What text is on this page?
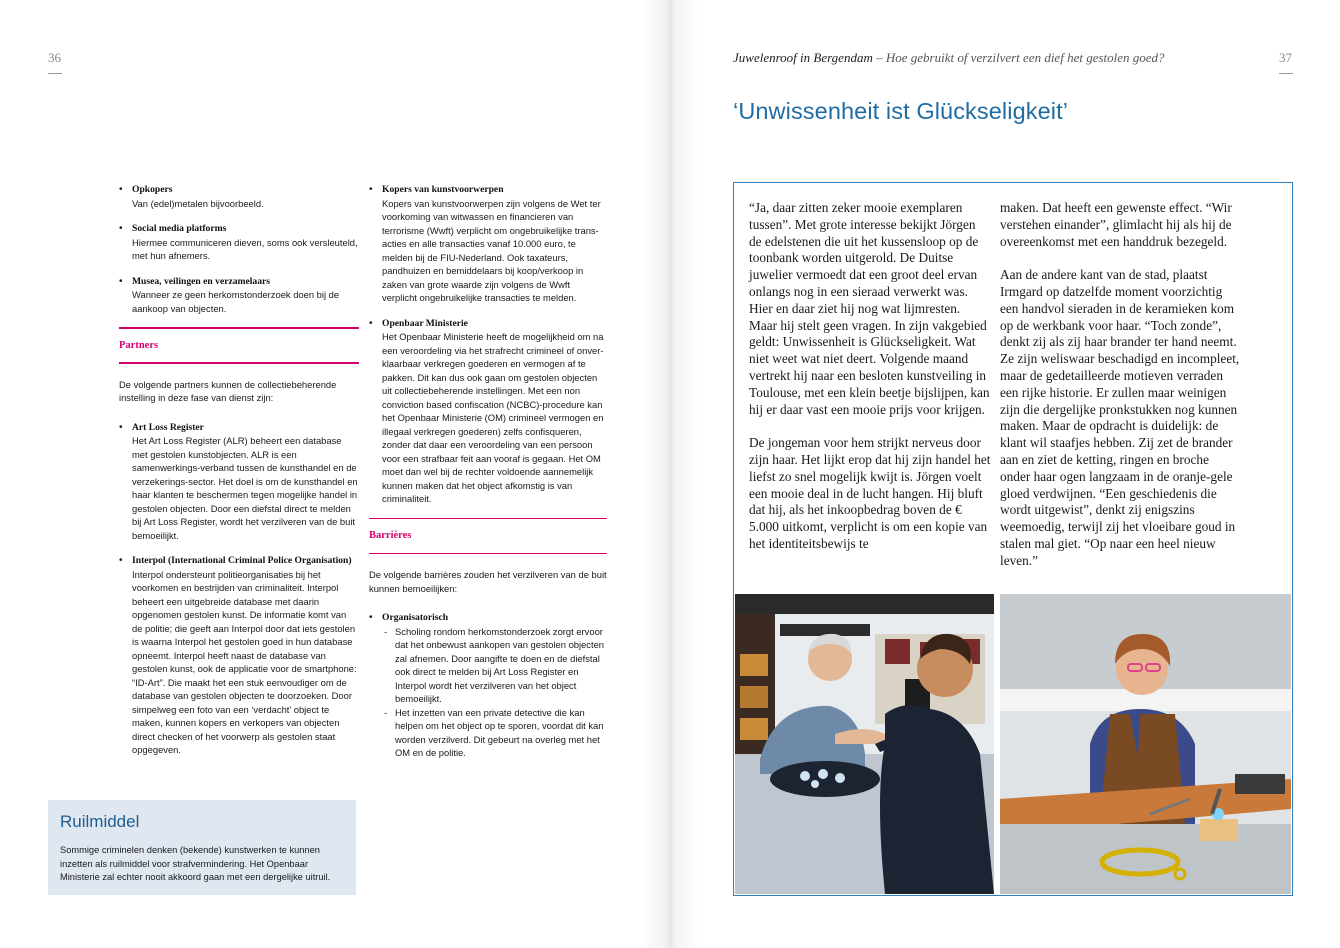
36
• Opkopers
Van (edel)metalen bijvoorbeeld.
• Social media platforms
Hiermee communiceren dieven, soms ook versleuteld, met hun afnemers.
• Musea, veilingen en verzamelaars
Wanneer ze geen herkomstonderzoek doen bij de aankoop van objecten.
Partners
De volgende partners kunnen de collectiebeherende instelling in deze fase van dienst zijn:
• Art Loss Register
Het Art Loss Register (ALR) beheert een database met gestolen kunstobjecten. ALR is een samenwerkings-verband tussen de kunsthandel en de verzekerings-sector. Het doel is om de kunsthandel en haar klanten te beschermen tegen mogelijke handel in gestolen objecten. Door een diefstal direct te melden bij Art Loss Register, wordt het verzilveren van de buit bemoeilijkt.
• Interpol (International Criminal Police Organisation)
Interpol ondersteunt politieorganisaties bij het voorkomen en bestrijden van criminaliteit. Interpol beheert een uitgebreide database met daarin opgenomen gestolen kunst. De informatie komt van de politie; die geeft aan Interpol door dat iets gestolen is waarna Interpol het gestolen goed in hun database opneemt. Interpol heeft naast de database van gestolen kunst, ook de applicatie voor de smartphone: “ID-Art”. Die maakt het een stuk eenvoudiger om de database van gestolen objecten te doorzoeken. Door simpelweg een foto van een ‘verdacht’ object te maken, kunnen kopers en verkopers van objecten direct checken of het voorwerp als gestolen staat opgegeven.
• Kopers van kunstvoorwerpen
Kopers van kunstvoorwerpen zijn volgens de Wet ter voorkoming van witwassen en financieren van terrorisme (Wwft) verplicht om ongebruikelijke trans-acties en alle transacties vanaf 10.000 euro, te melden bij de FIU-Nederland. Ook taxateurs, pandhuizen en bemiddelaars bij koop/verkoop in zaken van grote waarde zijn volgens de Wwft verplicht ongebruikelijke transacties te melden.
• Openbaar Ministerie
Het Openbaar Ministerie heeft de mogelijkheid om na een veroordeling via het strafrecht crimineel of onver-klaarbaar verkregen goederen en vermogen af te pakken. Dit kan dus ook gaan om gestolen objecten uit collectiebeherende instellingen. Met een non conviction based confiscation (NCBC)-procedure kan het Openbaar Ministerie (OM) crimineel vermogen en illegaal verkregen goederen) zelfs confisqueren, zonder dat daar een veroordeling van een persoon voor een strafbaar feit aan vooraf is gegaan. Het OM moet dan wel bij de rechter voldoende aannemelijk kunnen maken dat het object afkomstig is van criminaliteit.
Barrières
De volgende barrières zouden het verzilveren van de buit kunnen bemoeilijken:
• Organisatorisch
- Scholing rondom herkomstonderzoek zorgt ervoor dat het onbewust aankopen van gestolen objecten zal afnemen. Door aangifte te doen en de diefstal ook direct te melden bij Art Loss Register en Interpol wordt het verzilveren van het object bemoeilijkt.
- Het inzetten van een private detective die kan helpen om het object op te sporen, voordat dit kan worden verzilverd. Dit gebeurt na overleg met het OM en de politie.
Ruilmiddel

Sommige criminelen denken (bekende) kunstwerken te kunnen inzetten als ruilmiddel voor strafvermindering. Het Openbaar Ministerie zal echter nooit akkoord gaan met een dergelijke uitruil.

Juwelenroof in Bergendam – Hoe gebruikt of verzilvert een dief het gestolen goed?	37
‘Unwissenheit ist Glückseligkeit’

“Ja, daar zitten zeker mooie exemplaren tussen”. Met grote interesse bekijkt Jörgen de edelstenen die uit het kussensloop op de toonbank worden uitgerold. De Duitse juwelier vermoedt dat een groot deel ervan onlangs nog in een sieraad verwerkt was. Hier en daar ziet hij nog wat lijmresten. Maar hij stelt geen vragen. In zijn vakgebied geldt: Unwissenheit is Glückseligkeit. Wat niet weet wat niet deert. Volgende maand vertrekt hij naar een besloten kunstveiling in Toulouse, met een klein beetje bijslijpen, kan hij er daar vast een mooie prijs voor krijgen.

De jongeman voor hem strijkt nerveus door zijn haar. Het lijkt erop dat hij zijn handel het liefst zo snel mogelijk kwijt is. Jörgen voelt een mooie deal in de lucht hangen. Hij bluft dat hij, als het inkoopbedrag boven de € 5.000 uitkomt, verplicht is om een kopie van het identiteitsbewijs te

maken. Dat heeft een gewenste effect. “Wir verstehen einander”, glimlacht hij als hij de overeenkomst met een handdruk bezegeld.

Aan de andere kant van de stad, plaatst Irmgard op datzelfde moment voorzichtig een handvol sieraden in de keramieken kom op de werkbank voor haar. “Toch zonde”, denkt zij als zij haar brander ter hand neemt. Ze zijn weliswaar beschadigd en incompleet, maar de gedetailleerde motieven verraden een rijke historie. Er zullen maar weinigen zijn die dergelijke pronkstukken nog kunnen maken. Maar de opdracht is duidelijk: de klant wil staafjes hebben. Zij zet de brander aan en ziet de ketting, ringen en broche onder haar ogen langzaam in de oranje-gele gloed verdwijnen. “Een geschiedenis die wordt uitgewist”, denkt zij enigszins weemoedig, terwijl zij het vloeibare goud in stalen mal giet. “Op naar een heel nieuw leven.”
